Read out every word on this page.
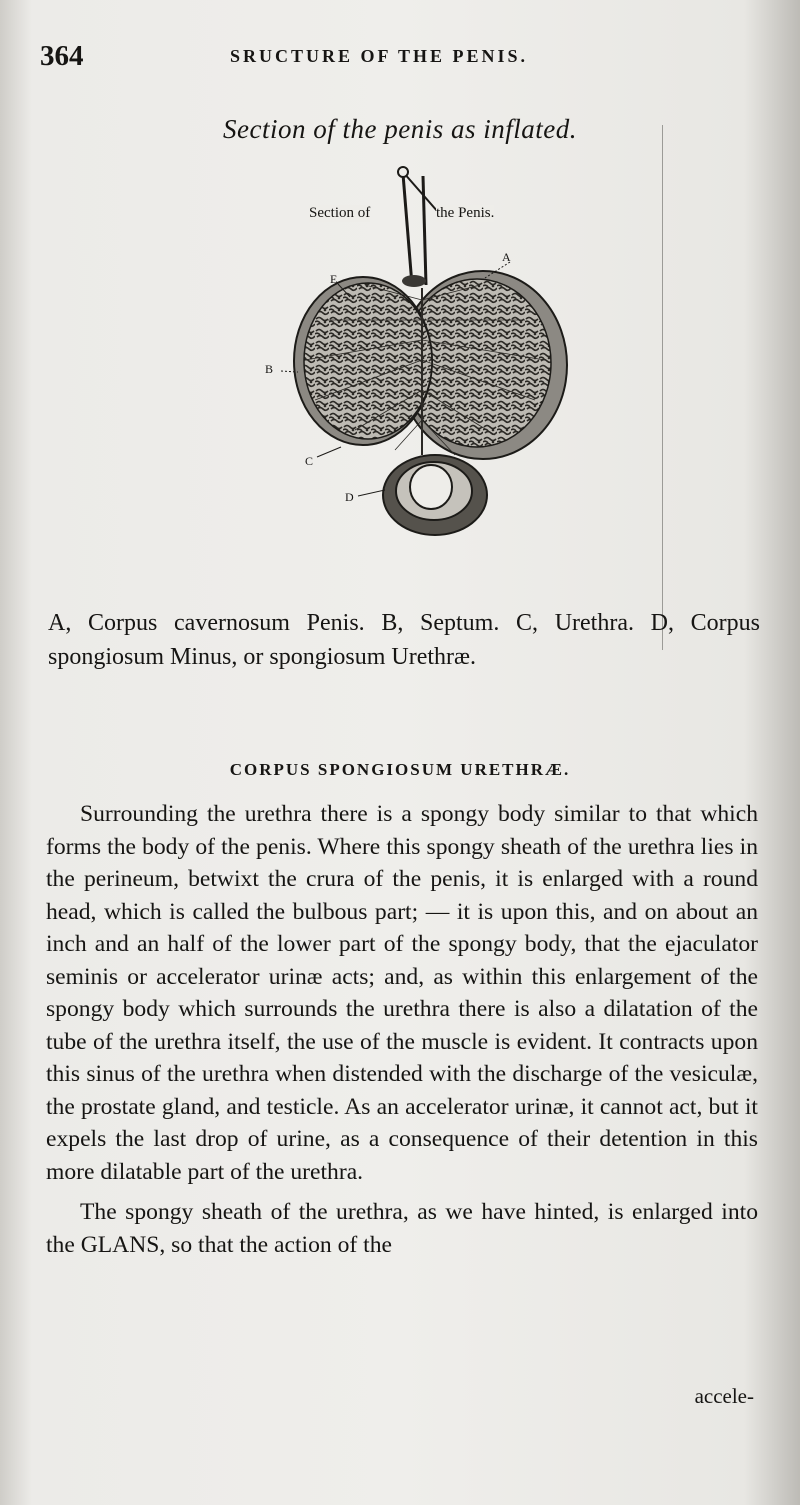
364	SRUCTURE OF THE PENIS.
Section of the penis as inflated.
Section of	the Penis.
A
B
C
D
E
A, Corpus cavernosum Penis. B, Septum. C, Urethra. D, Corpus spongiosum Minus, or spongiosum Urethræ.
CORPUS SPONGIOSUM URETHRÆ.

Surrounding the urethra there is a spongy body similar to that which forms the body of the penis. Where this spongy sheath of the urethra lies in the perineum, betwixt the crura of the penis, it is enlarged with a round head, which is called the bulbous part; — it is upon this, and on about an inch and an half of the lower part of the spongy body, that the ejaculator seminis or accelerator urinæ acts; and, as within this enlargement of the spongy body which surrounds the urethra there is also a dilatation of the tube of the urethra itself, the use of the muscle is evident. It contracts upon this sinus of the urethra when distended with the discharge of the vesiculæ, the prostate gland, and testicle. As an accelerator urinæ, it cannot act, but it expels the last drop of urine, as a consequence of their detention in this more dilatable part of the urethra.

The spongy sheath of the urethra, as we have hinted, is enlarged into the GLANS, so that the action of the

accele-
